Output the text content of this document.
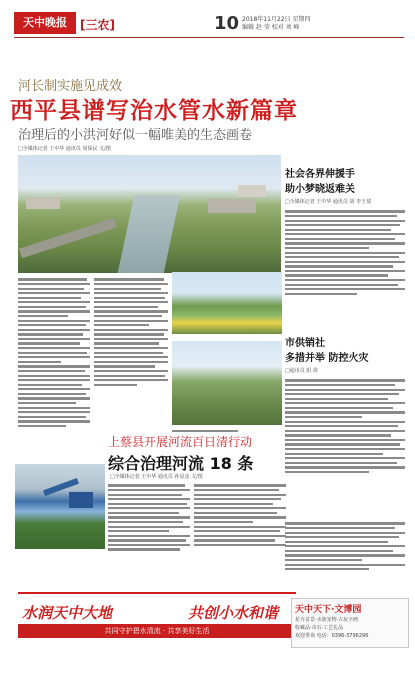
天中晚报	[三农]	10 2018年11月22日 星期四
编辑 赵 莹 校对 刘 峰
河长制实施见成效
西平县谱写治水管水新篇章
治理后的小洪河好似一幅唯美的生态画卷
□全媒体记者 王中华 通讯员 周保民 文/图
社会各界伸援手
助小梦晓返难关
□全媒体记者 王中华 通讯员 胡 李玉倩
市供销社
多措并举 防控火灾
□通讯员 阳 倩
上蔡县开展河流百日清行动
综合治理河流 18 条
□全媒体记者 王中华 通讯员 孙显彦 文/图
水润天中大地	共创小水和谐
共同守护碧水清流 · 共享美好生活
天中天下·文博园
花卉盆景·水族宠物·古玩字画
收藏品·奇石·工艺礼品
欢迎垂询 电话：0396-3796296
